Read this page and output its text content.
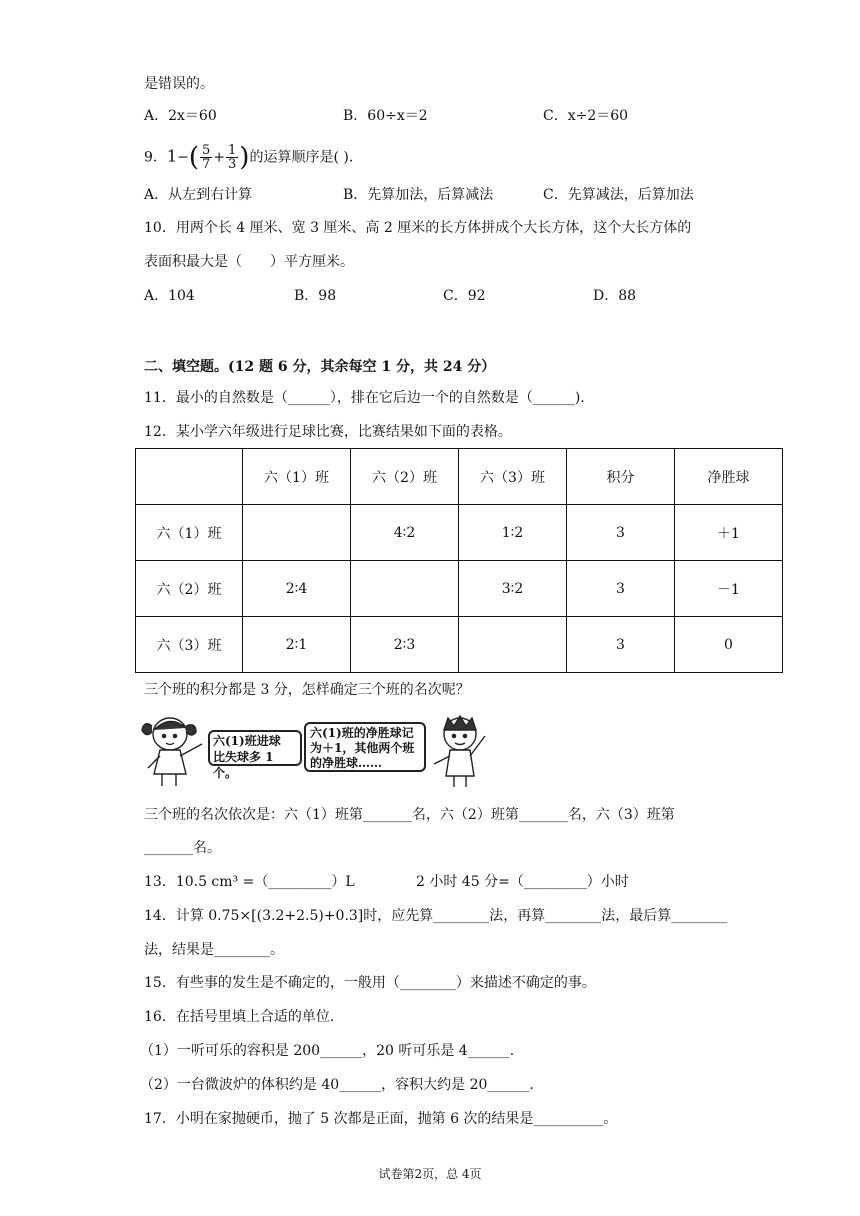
是错误的。
A．2x＝60	B．60÷x＝2	C．x÷2＝60
9．$1-( \frac{5}{7} + \frac{1}{3}$ )的运算顺序是( ).
A．从左到右计算	B．先算加法，后算减法	C．先算减法，后算加法
10．用两个长 4 厘米、宽 3 厘米、高 2 厘米的长方体拼成个大长方体，这个大长方体的
表面积最大是（　　）平方厘米。
A．104	B．98	C．92	D．88
二、填空题。(12 题 6 分，其余每空 1 分，共 24 分）
11．最小的自然数是（______），排在它后边一个的自然数是（______).
12．某小学六年级进行足球比赛，比赛结果如下面的表格。
	六（1）班	六（2）班	六（3）班	积分	净胜球
六（1）班		4∶2	1∶2	3	＋1
六（2）班	2∶4		3∶2	3	－1
六（3）班	2∶1	2∶3		3	0
三个班的积分都是 3 分，怎样确定三个班的名次呢？
六(1)班进球
比失球多 1 个。
六(1)班的净胜球记
为＋1，其他两个班
的净胜球……
三个班的名次依次是：六（1）班第_______名，六（2）班第_______名，六（3）班第
_______名。
13．10.5 cm³ =（_________）L	2 小时 45 分=（_________）小时
14．计算 0.75×[(3.2+2.5)+0.3]时，应先算________法，再算________法，最后算________
法，结果是________。
15．有些事的发生是不确定的，一般用（________）来描述不确定的事。
16．在括号里填上合适的单位.
（1）一听可乐的容积是 200______，20 听可乐是 4______.
（2）一台微波炉的体积约是 40______，容积大约是 20______.
17．小明在家抛硬币，抛了 5 次都是正面，抛第 6 次的结果是__________。
试卷第2页，总 4页
